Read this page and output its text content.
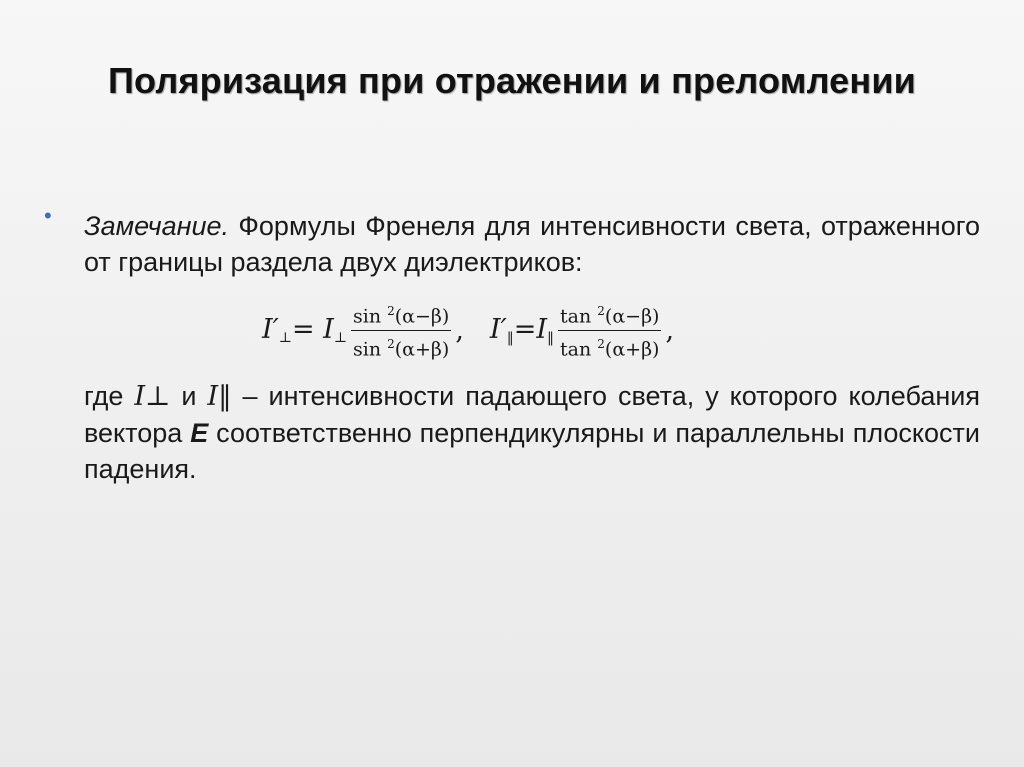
Поляризация при отражении и преломлении
• Замечание. Формулы Френеля для интенсивности света, отраженного от границы раздела двух диэлектриков:
$I'_\perp = I_\perp \frac{\sin ^2(\alpha-\beta)}{\sin ^2(\alpha+\beta)}$ , $I'_‖ =I_‖ \frac{\tan ^2(\alpha-\beta)}{\tan ^2(\alpha+\beta)}$ ,
где I⊥ и I‖ – интенсивности падающего света, у которого колебания вектора E соответственно перпендикулярны и параллельны плоскости падения.
